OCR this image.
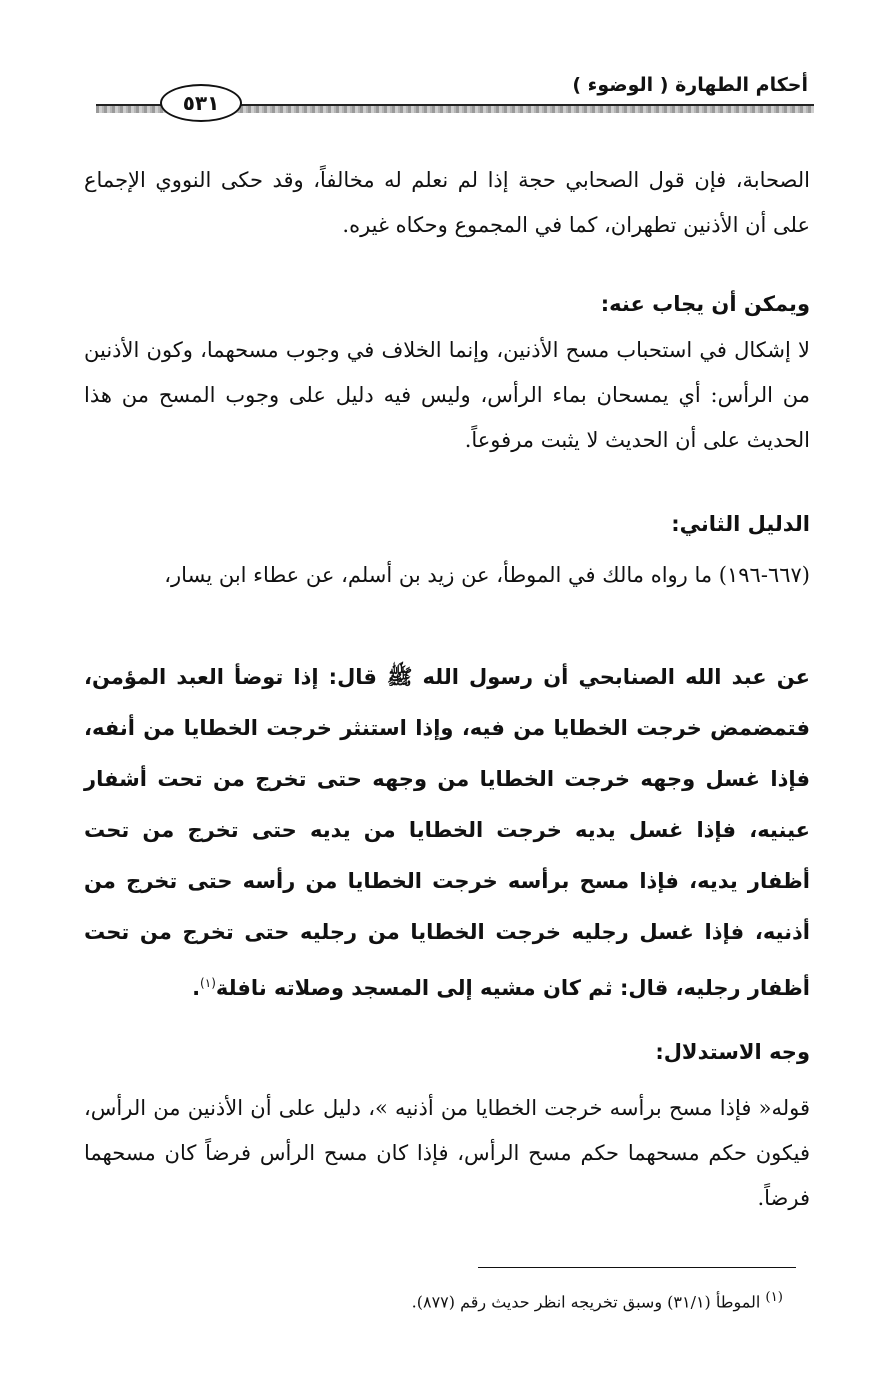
أحكام الطهارة ( الوضوء )
٥٣١
الصحابة، فإن قول الصحابي حجة إذا لم نعلم له مخالفاً، وقد حكى النووي الإجماع على أن الأذنين تطهران، كما في المجموع وحكاه غيره.
ويمكن أن يجاب عنه:
لا إشكال في استحباب مسح الأذنين، وإنما الخلاف في وجوب مسحهما، وكون الأذنين من الرأس: أي يمسحان بماء الرأس، وليس فيه دليل على وجوب المسح من هذا الحديث على أن الحديث لا يثبت مرفوعاً.
الدليل الثاني:
(٦٦٧-١٩٦) ما رواه مالك في الموطأ، عن زيد بن أسلم، عن عطاء ابن يسار،
عن عبد الله الصنابحي أن رسول الله ﷺ قال: إذا توضأ العبد المؤمن، فتمضمض خرجت الخطايا من فيه، وإذا استنثر خرجت الخطايا من أنفه، فإذا غسل وجهه خرجت الخطايا من وجهه حتى تخرج من تحت أشفار عينيه، فإذا غسل يديه خرجت الخطايا من يديه حتى تخرج من تحت أظفار يديه، فإذا مسح برأسه خرجت الخطايا من رأسه حتى تخرج من أذنيه، فإذا غسل رجليه خرجت الخطايا من رجليه حتى تخرج من تحت أظفار رجليه، قال: ثم كان مشيه إلى المسجد وصلاته نافلة$^{(١)}$.
وجه الاستدلال:
قوله« فإذا مسح برأسه خرجت الخطايا من أذنيه »، دليل على أن الأذنين من الرأس، فيكون حكم مسحهما حكم مسح الرأس، فإذا كان مسح الرأس فرضاً كان مسحهما فرضاً.
$^{(١)}$ الموطأ (٣١/١) وسبق تخريجه انظر حديث رقم (٨٧٧).
